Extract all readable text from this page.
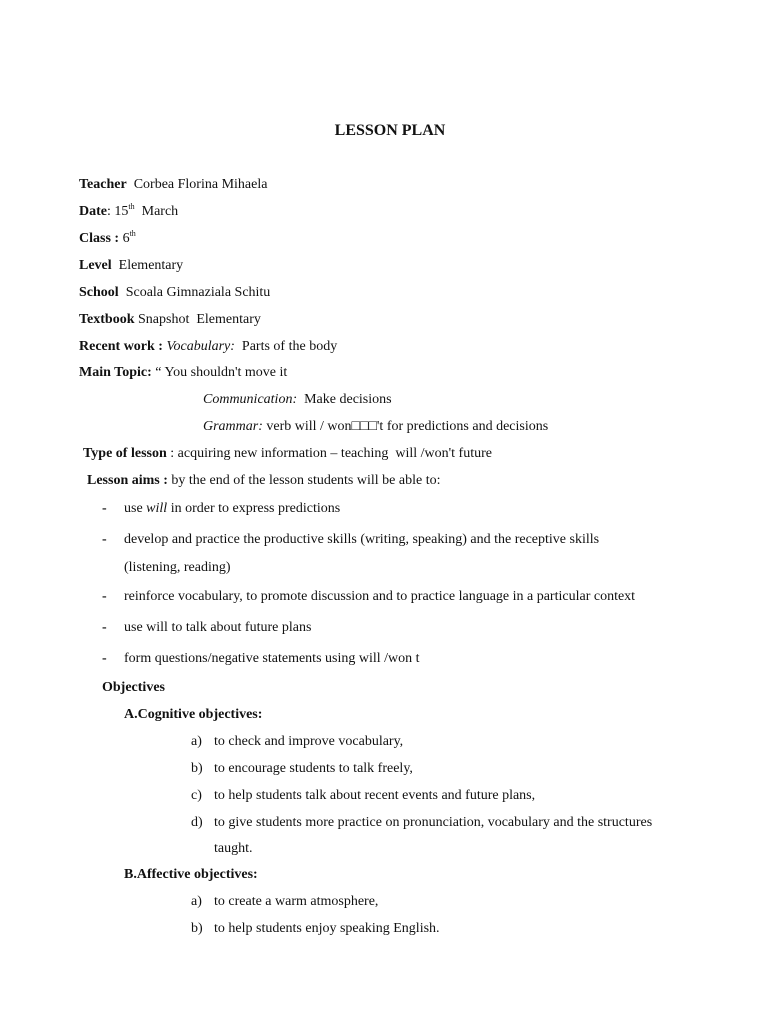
LESSON PLAN
Teacher Corbea Florina Mihaela
Date: 15th March
Class : 6th
Level Elementary
School Scoala Gimnaziala Schitu
Textbook Snapshot  Elementary
Recent work : Vocabulary: Parts of the body
Main Topic: “ You shouldn't move it
Communication: Make decisions
Grammar: verb will / won□□□'t for predictions and decisions
Type of lesson : acquiring new information – teaching  will /won't future
Lesson aims : by the end of the lesson students will be able to:
- use will in order to express predictions
- develop and practice the productive skills (writing, speaking) and the receptive skills
(listening, reading)
- reinforce vocabulary, to promote discussion and to practice language in a particular context
- use will to talk about future plans
- form questions/negative statements using will /won t
Objectives
A.Cognitive objectives:
a) to check and improve vocabulary,
b) to encourage students to talk freely,
c) to help students talk about recent events and future plans,
d) to give students more practice on pronunciation, vocabulary and the structures
taught.
B.Affective objectives:
a) to create a warm atmosphere,
b) to help students enjoy speaking English.
